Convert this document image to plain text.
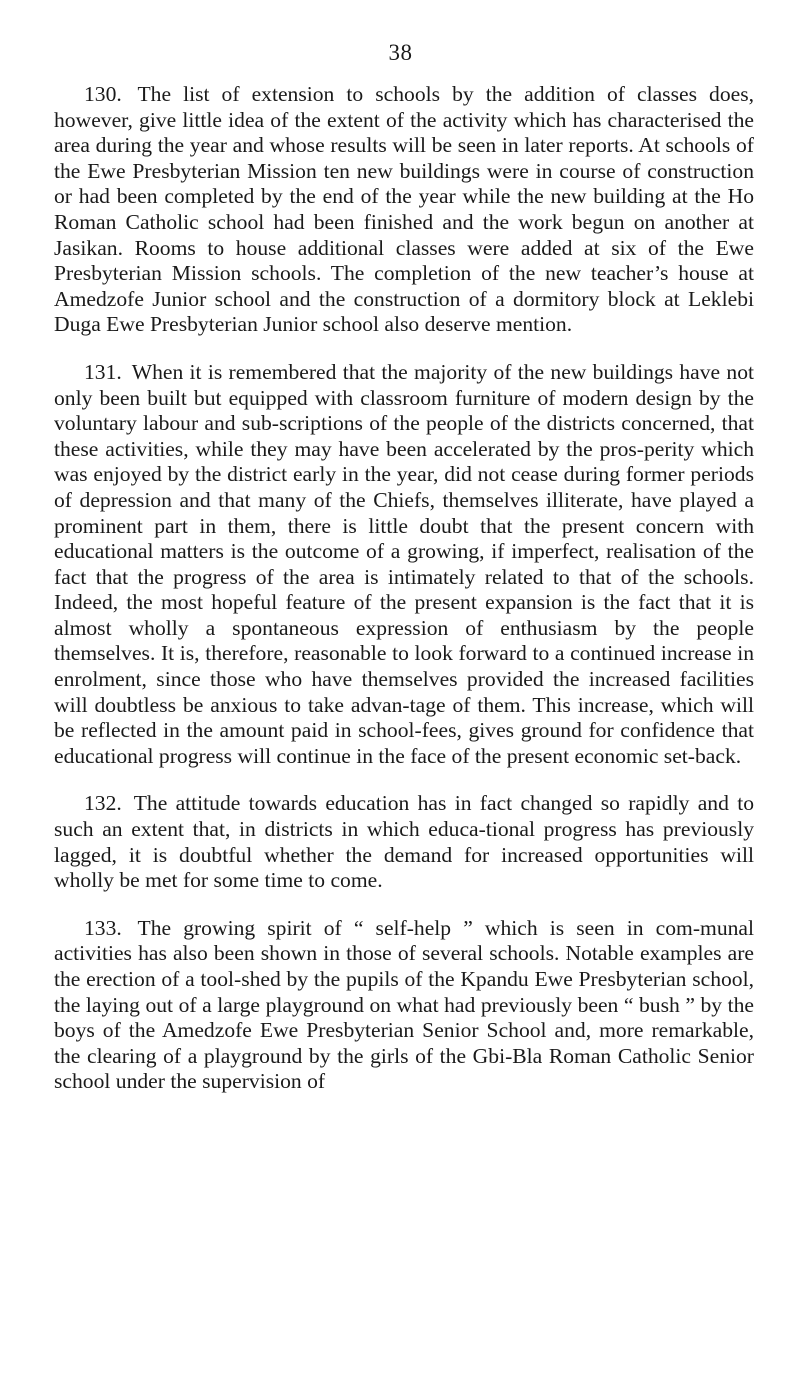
38

130. The list of extension to schools by the addition of classes does, however, give little idea of the extent of the activity which has characterised the area during the year and whose results will be seen in later reports. At schools of the Ewe Presbyterian Mission ten new buildings were in course of construction or had been completed by the end of the year while the new building at the Ho Roman Catholic school had been finished and the work begun on another at Jasikan. Rooms to house additional classes were added at six of the Ewe Presbyterian Mission schools. The completion of the new teacher’s house at Amedzofe Junior school and the construction of a dormitory block at Leklebi Duga Ewe Presbyterian Junior school also deserve mention.

131. When it is remembered that the majority of the new buildings have not only been built but equipped with classroom furniture of modern design by the voluntary labour and sub-scriptions of the people of the districts concerned, that these activities, while they may have been accelerated by the pros-perity which was enjoyed by the district early in the year, did not cease during former periods of depression and that many of the Chiefs, themselves illiterate, have played a prominent part in them, there is little doubt that the present concern with educational matters is the outcome of a growing, if imperfect, realisation of the fact that the progress of the area is intimately related to that of the schools. Indeed, the most hopeful feature of the present expansion is the fact that it is almost wholly a spontaneous expression of enthusiasm by the people themselves. It is, therefore, reasonable to look forward to a continued increase in enrolment, since those who have themselves provided the increased facilities will doubtless be anxious to take advan-tage of them. This increase, which will be reflected in the amount paid in school-fees, gives ground for confidence that educational progress will continue in the face of the present economic set-back.

132. The attitude towards education has in fact changed so rapidly and to such an extent that, in districts in which educa-tional progress has previously lagged, it is doubtful whether the demand for increased opportunities will wholly be met for some time to come.

133. The growing spirit of “ self-help ” which is seen in com-munal activities has also been shown in those of several schools. Notable examples are the erection of a tool-shed by the pupils of the Kpandu Ewe Presbyterian school, the laying out of a large playground on what had previously been “ bush ” by the boys of the Amedzofe Ewe Presbyterian Senior School and, more remarkable, the clearing of a playground by the girls of the Gbi-Bla Roman Catholic Senior school under the supervision of
